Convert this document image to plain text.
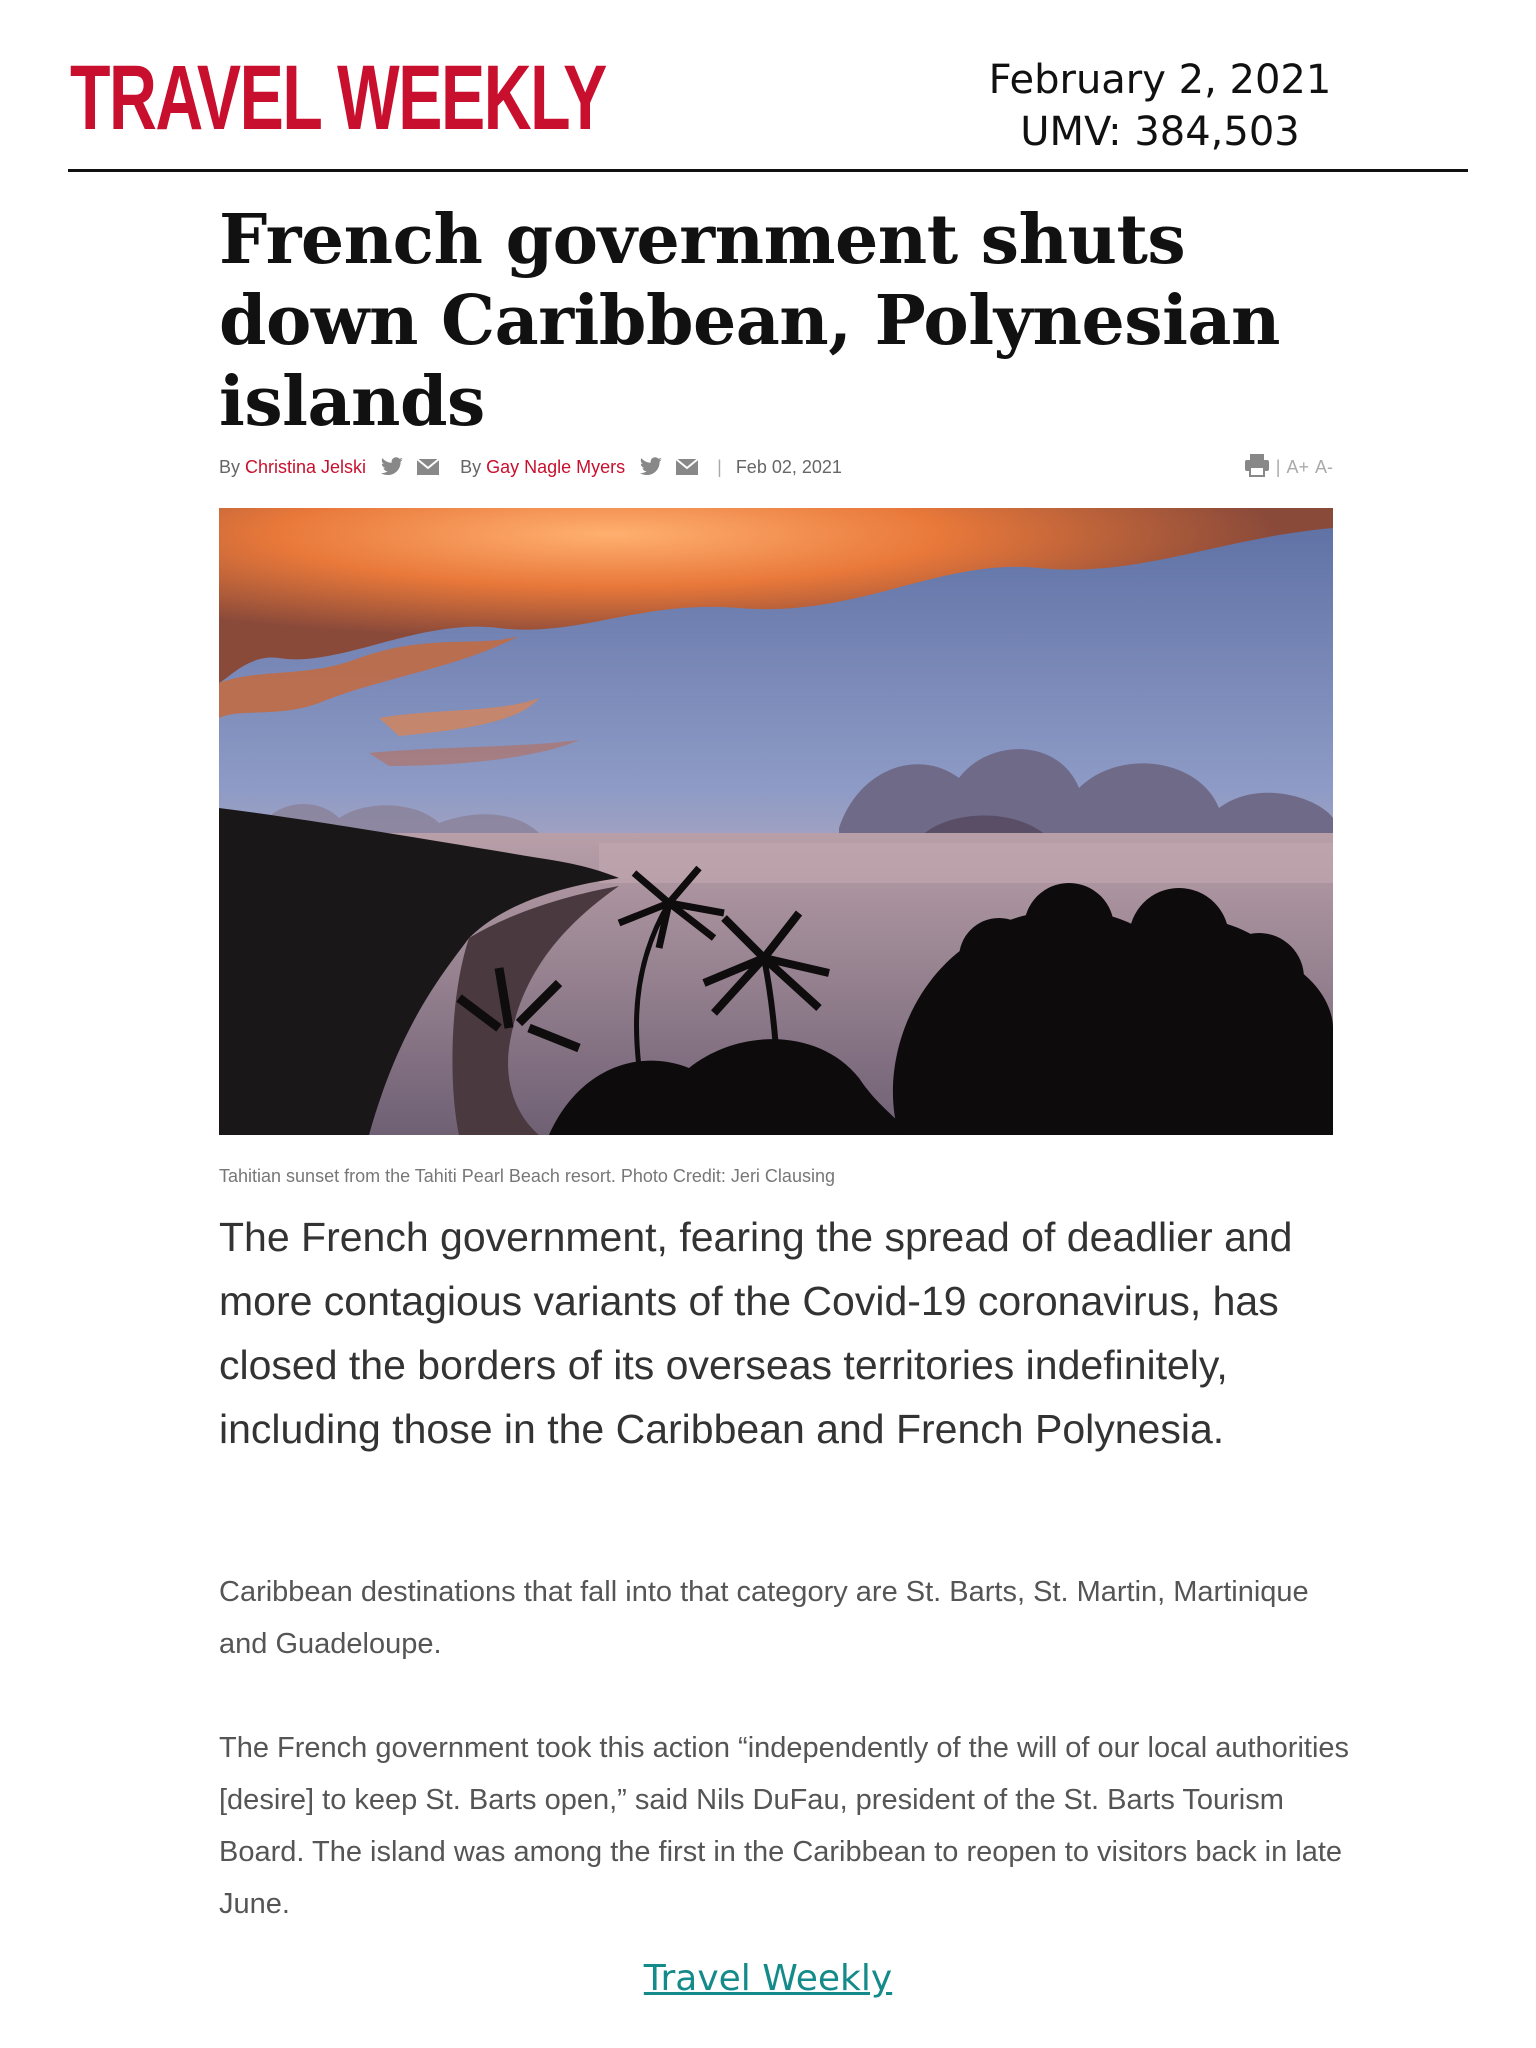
TRAVEL WEEKLY	February 2, 2021
UMV: 384,503
French government shuts down Caribbean, Polynesian islands
By Christina Jelski	By Gay Nagle Myers	| Feb 02, 2021	| A+ A-
Tahitian sunset from the Tahiti Pearl Beach resort. Photo Credit: Jeri Clausing

The French government, fearing the spread of deadlier and more contagious variants of the Covid-19 coronavirus, has closed the borders of its overseas territories indefinitely, including those in the Caribbean and French Polynesia.

Caribbean destinations that fall into that category are St. Barts, St. Martin, Martinique and Guadeloupe.

The French government took this action “independently of the will of our local authorities [desire] to keep St. Barts open,” said Nils DuFau, president of the St. Barts Tourism Board. The island was among the first in the Caribbean to reopen to visitors back in late June.

Travel Weekly
